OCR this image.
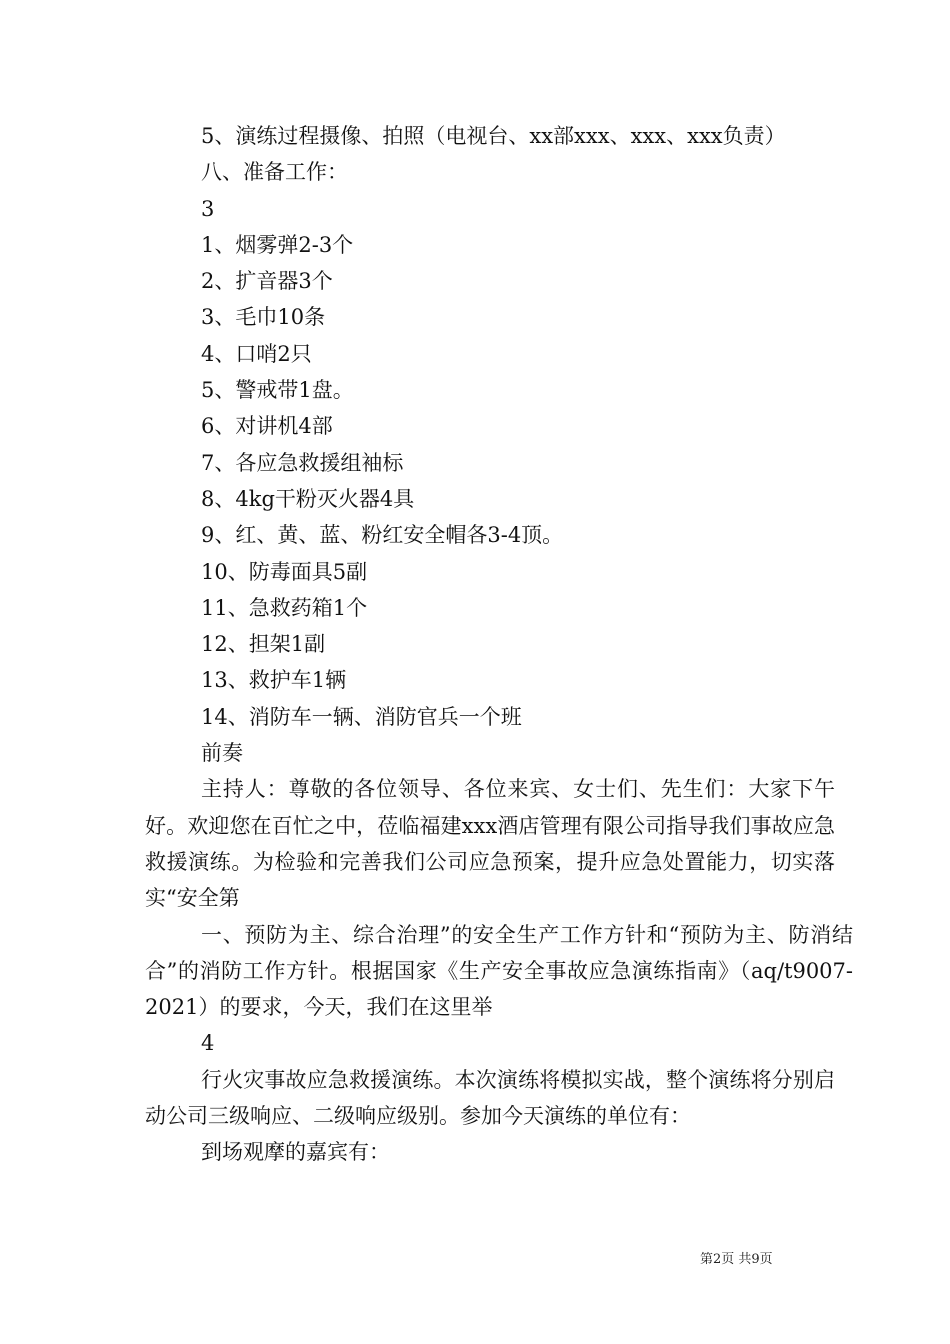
5、演练过程摄像、拍照（电视台、xx部xxx、xxx、xxx负责）

八、准备工作：

3

1、烟雾弹2-3个

2、扩音器3个

3、毛巾10条

4、口哨2只

5、警戒带1盘。

6、对讲机4部

7、各应急救援组袖标

8、4kg干粉灭火器4具

9、红、黄、蓝、粉红安全帽各3-4顶。

10、防毒面具5副

11、急救药箱1个

12、担架1副

13、救护车1辆

14、消防车一辆、消防官兵一个班

前奏

主持人：尊敬的各位领导、各位来宾、女士们、先生们：大家下午好。欢迎您在百忙之中，莅临福建xxx酒店管理有限公司指导我们事故应急救援演练。为检验和完善我们公司应急预案，提升应急处置能力，切实落实“安全第

一、预防为主、综合治理”的安全生产工作方针和“预防为主、防消结合”的消防工作方针。根据国家《生产安全事故应急演练指南》（aq/t9007-2021）的要求，今天，我们在这里举

4

行火灾事故应急救援演练。本次演练将模拟实战，整个演练将分别启动公司三级响应、二级响应级别。参加今天演练的单位有：

到场观摩的嘉宾有：

第2页 共9页
